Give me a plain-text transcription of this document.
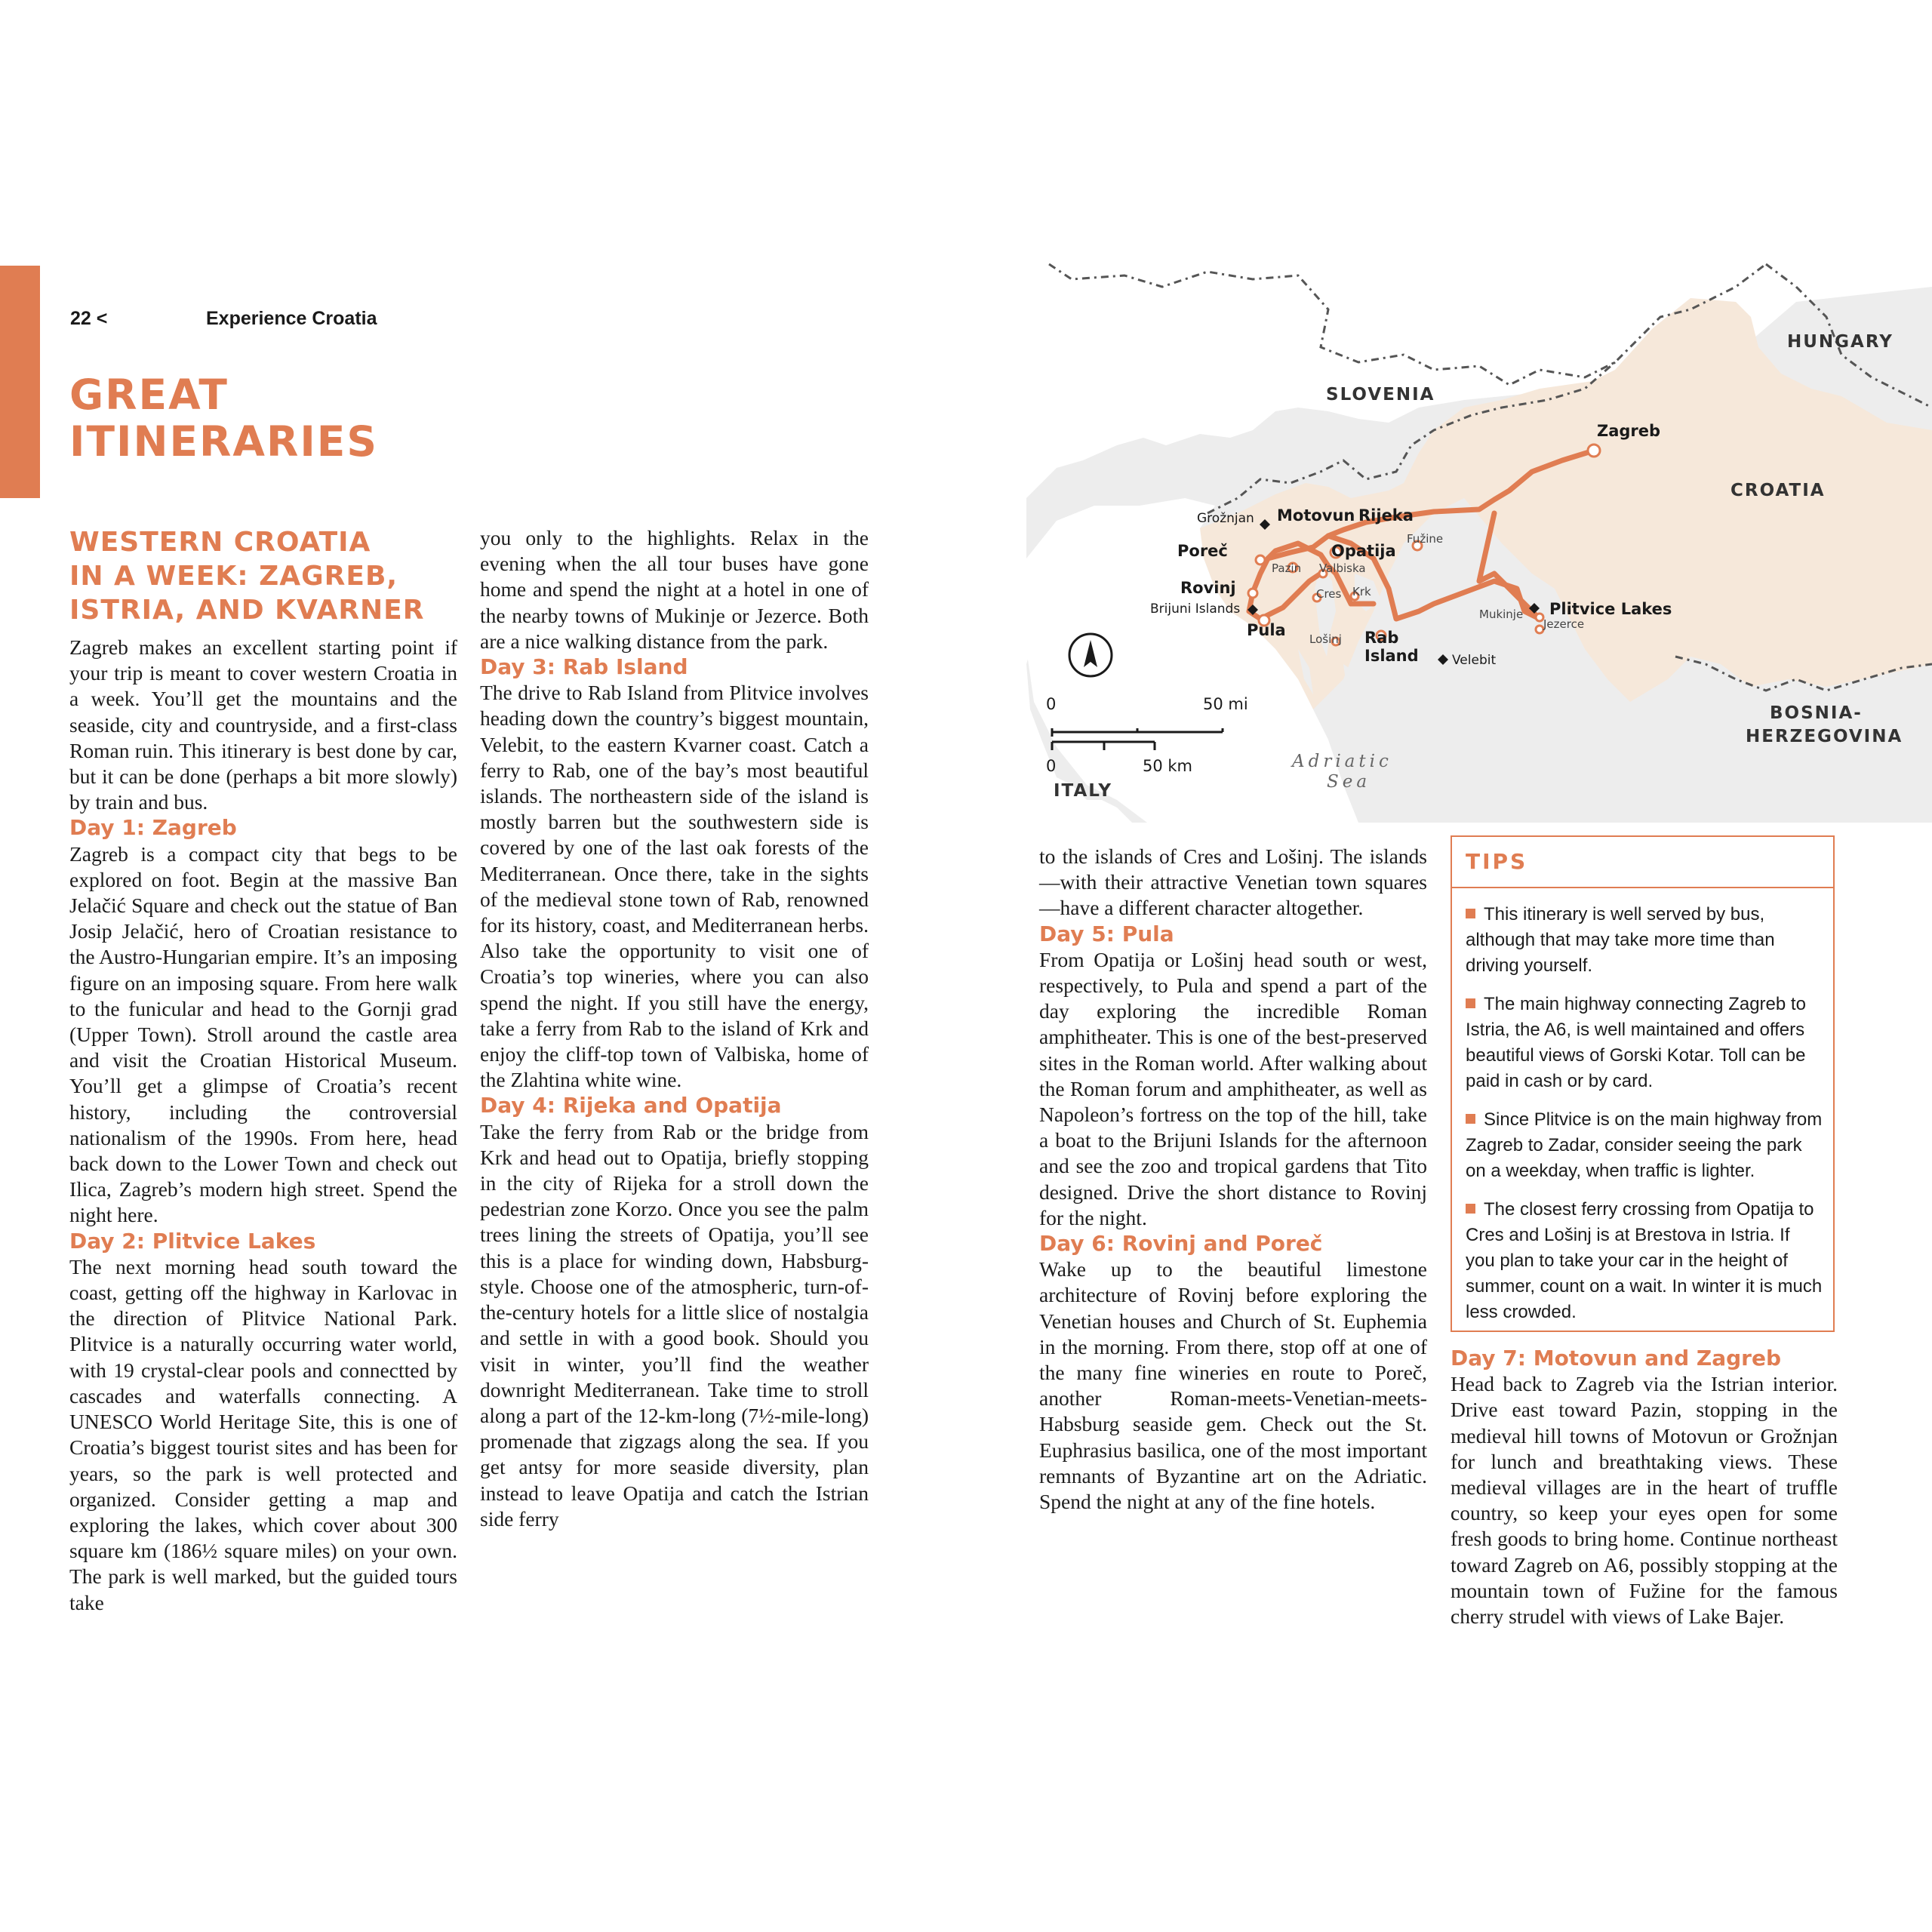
22 <	Experience Croatia
GREAT
ITINERARIES
WESTERN CROATIA
IN A WEEK: ZAGREB,
ISTRIA, AND KVARNER

Zagreb makes an excellent starting point if your trip is meant to cover western Croatia in a week. You’ll get the mountains and the seaside, city and countryside, and a first-class Roman ruin. This itinerary is best done by car, but it can be done (perhaps a bit more slowly) by train and bus.

Day 1: Zagreb

Zagreb is a compact city that begs to be explored on foot. Begin at the massive Ban Jelačić Square and check out the statue of Ban Josip Jelačić, hero of Croatian resistance to the Austro-Hungarian empire. It’s an imposing figure on an imposing square. From here walk to the funicular and head to the Gornji grad (Upper Town). Stroll around the castle area and visit the Croatian Historical Museum. You’ll get a glimpse of Croatia’s recent history, including the controversial nationalism of the 1990s. From here, head back down to the Lower Town and check out Ilica, Zagreb’s modern high street. Spend the night here.

Day 2: Plitvice Lakes

The next morning head south toward the coast, getting off the highway in Karlovac in the direction of Plitvice National Park. Plitvice is a naturally occurring water world, with 19 crystal-clear pools and connectted by cascades and waterfalls connecting. A UNESCO World Heritage Site, this is one of Croatia’s biggest tourist sites and has been for years, so the park is well protected and organized. Consider getting a map and exploring the lakes, which cover about 300 square km (186½ square miles) on your own. The park is well marked, but the guided tours take

you only to the highlights. Relax in the evening when the all tour buses have gone home and spend the night at a hotel in one of the nearby towns of Mukinje or Jezerce. Both are a nice walking distance from the park.

Day 3: Rab Island

The drive to Rab Island from Plitvice involves heading down the country’s biggest mountain, Velebit, to the eastern Kvarner coast. Catch a ferry to Rab, one of the bay’s most beautiful islands. The northeastern side of the island is mostly barren but the southwestern side is covered by one of the last oak forests of the Mediterranean. Once there, take in the sights of the medieval stone town of Rab, renowned for its history, coast, and Mediterranean herbs. Also take the opportunity to visit one of Croatia’s top wineries, where you can also spend the night. If you still have the energy, take a ferry from Rab to the island of Krk and enjoy the cliff-top town of Valbiska, home of the Zlahtina white wine.

Day 4: Rijeka and Opatija

Take the ferry from Rab or the bridge from Krk and head out to Opatija, briefly stopping in the city of Rijeka for a stroll down the pedestrian zone Korzo. Once you see the palm trees lining the streets of Opatija, you’ll see this is a place for winding down, Habsburg-style. Choose one of the atmospheric, turn-of-the-century hotels for a little slice of nostalgia and settle in with a good book. Should you visit in winter, you’ll find the weather downright Mediterranean. Take time to stroll along a part of the 12-km-long (7½-mile-long) promenade that zigzags along the sea. If you get antsy for more seaside diversity, plan instead to leave Opatija and catch the Istrian side ferry

HUNGARY
SLOVENIA
CROATIA
BOSNIA-
HERZEGOVINA
ITALY
Adriatic
Sea
Zagreb
Motovun Rijeka
Poreč	Opatija
Rovinj
Pula	Rab
Island
Plitvice Lakes
Grožnjan
Brijuni Islands
Velebit
Fužine
Pazin Valbiska
Cres Krk
Lošinj
Mukinje
Jezerce
0	50 mi
0	50 km

to the islands of Cres and Lošinj. The islands—with their attractive Venetian town squares—have a different character altogether.

Day 5: Pula

From Opatija or Lošinj head south or west, respectively, to Pula and spend a part of the day exploring the incredible Roman amphitheater. This is one of the best-preserved sites in the Roman world. After walking about the Roman forum and amphitheater, as well as Napoleon’s fortress on the top of the hill, take a boat to the Brijuni Islands for the afternoon and see the zoo and tropical gardens that Tito designed. Drive the short distance to Rovinj for the night.

Day 6: Rovinj and Poreč

Wake up to the beautiful limestone architecture of Rovinj before exploring the Venetian houses and Church of St. Euphemia in the morning. From there, stop off at one of the many fine wineries en route to Poreč, another Roman-meets-Venetian-meets-Habsburg seaside gem. Check out the St. Euphrasius basilica, one of the most important remnants of Byzantine art on the Adriatic. Spend the night at any of the fine hotels.

TIPS
This itinerary is well served by bus, although that may take more time than driving yourself.
The main highway connecting Zagreb to Istria, the A6, is well maintained and offers beautiful views of Gorski Kotar. Toll can be paid in cash or by card.
Since Plitvice is on the main highway from Zagreb to Zadar, consider seeing the park on a weekday, when traffic is lighter.
The closest ferry crossing from Opatija to Cres and Lošinj is at Brestova in Istria. If you plan to take your car in the height of summer, count on a wait. In winter it is much less crowded.
Day 7: Motovun and Zagreb

Head back to Zagreb via the Istrian interior. Drive east toward Pazin, stopping in the medieval hill towns of Motovun or Grožnjan for lunch and breathtaking views. These medieval villages are in the heart of truffle country, so keep your eyes open for some fresh goods to bring home. Continue northeast toward Zagreb on A6, possibly stopping at the mountain town of Fužine for the famous cherry strudel with views of Lake Bajer.
